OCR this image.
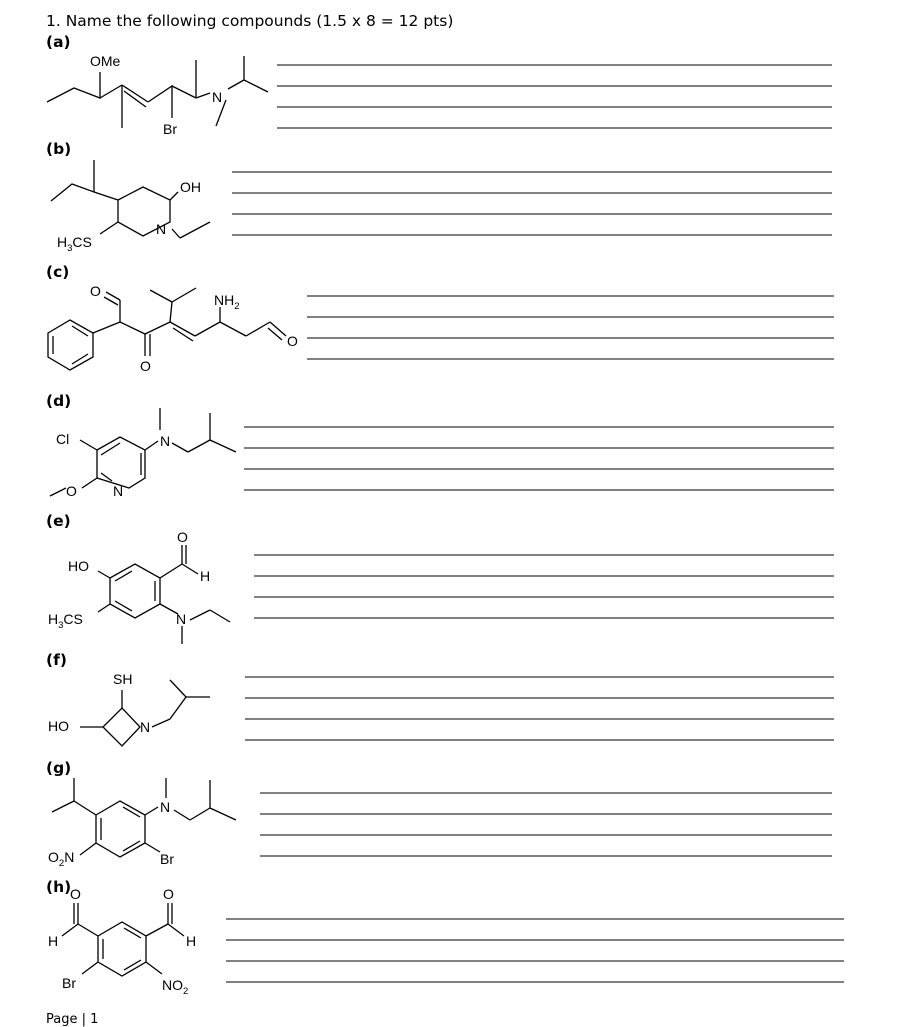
1. Name the following compounds (1.5 x 8 = 12 pts)
(a)
(b)
(c)
(d)
(e)
(f)
(g)
(h)
OMe
Br
N
OH
N
$H_3CS$
O
O
O
$NH_2$
Cl
N
N
O
HO
O
H
N
$H_3CS$
SH
HO	N
N
Br
$O_2N$
O	O
H	H
Br	$NO_2$
Page | 1
